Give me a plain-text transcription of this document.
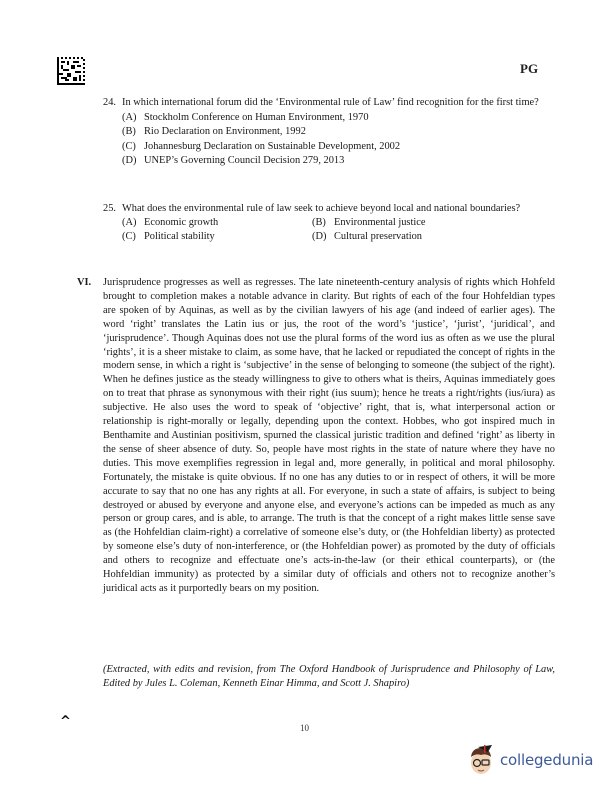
PG
24. In which international forum did the ‘Environmental rule of Law’ find recognition for the first time?
(A) Stockholm Conference on Human Environment, 1970
(B) Rio Declaration on Environment, 1992
(C) Johannesburg Declaration on Sustainable Development, 2002
(D) UNEP’s Governing Council Decision 279, 2013
25. What does the environmental rule of law seek to achieve beyond local and national boundaries?
(A) Economic growth	(B) Environmental justice
(C) Political stability	(D) Cultural preservation
VI. Jurisprudence progresses as well as regresses. The late nineteenth-century analysis of rights which Hohfeld brought to completion makes a notable advance in clarity. But rights of each of the four Hohfeldian types are spoken of by Aquinas, as well as by the civilian lawyers of his age (and indeed of earlier ages). The word ‘right’ translates the Latin ius or jus, the root of the word’s ‘justice’, ‘jurist’, ‘juridical’, and ‘jurisprudence’. Though Aquinas does not use the plural forms of the word ius as often as we use the plural ‘rights’, it is a sheer mistake to claim, as some have, that he lacked or repudiated the concept of rights in the modern sense, in which a right is ‘subjective’ in the sense of belonging to someone (the subject of the right). When he defines justice as the steady willingness to give to others what is theirs, Aquinas immediately goes on to treat that phrase as synonymous with their right (ius suum); hence he treats a right/rights (ius/iura) as subjective. He also uses the word to speak of ‘objective’ right, that is, what interpersonal action or relationship is right-morally or legally, depending upon the context. Hobbes, who got inspired much in Benthamite and Austinian positivism, spurned the classical juristic tradition and defined ‘right’ as liberty in the sense of sheer absence of duty. So, people have most rights in the state of nature where they have no duties. This move exemplifies regression in legal and, more generally, in political and moral philosophy. Fortunately, the mistake is quite obvious. If no one has any duties to or in respect of others, it will be more accurate to say that no one has any rights at all. For everyone, in such a state of affairs, is subject to being destroyed or abused by everyone and anyone else, and everyone’s actions can be impeded as much as any person or group cares, and is able, to arrange. The truth is that the concept of a right makes little sense save as (the Hohfeldian claim-right) a correlative of someone else’s duty, or (the Hohfeldian liberty) as protected by someone else’s duty of non-interference, or (the Hohfeldian power) as promoted by the duty of officials and others to recognize and effectuate one’s acts-in-the-law (or their ethical counterparts), or (the Hohfeldian immunity) as protected by a similar duty of officials and others not to recognize another’s juridical acts as it purportedly bears on my position.
(Extracted, with edits and revision, from The Oxford Handbook of Jurisprudence and Philosophy of Law, Edited by Jules L. Coleman, Kenneth Einar Himma, and Scott J. Shapiro)
^	10
collegedunia
